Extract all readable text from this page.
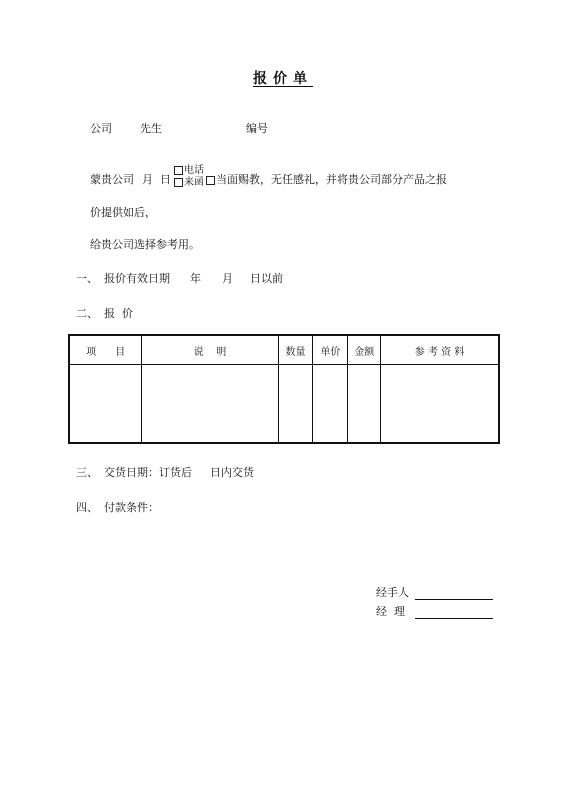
报价单
公司	先生	编号
蒙贵公司 月 日
电话
来函	当面赐教，无任感礼，并将贵公司部分产品之报
价提供如后，
给贵公司选择参考用。
一、 报价有效日期 年 月 日以前
二、 报  价
项      目	说    明	数量	单价	金额	参 考 资 料

三、 交货日期：订货后 日内交货
四、 付款条件：
经手人
经  理
